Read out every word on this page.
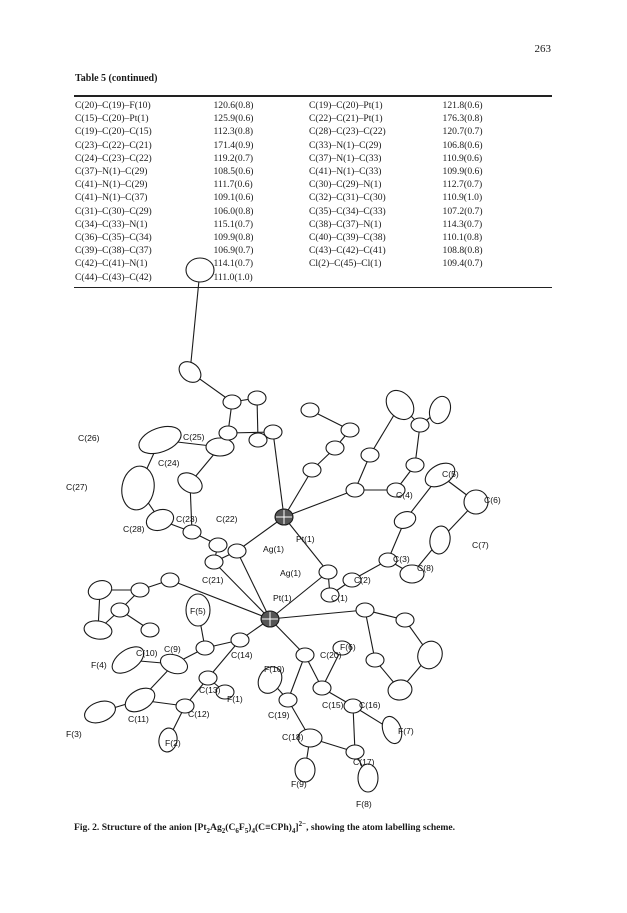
263
Table 5 (continued)
C(20)–C(19)–F(10)	120.6(0.8)	C(19)–C(20)–Pt(1)	121.8(0.6)
C(15)–C(20)–Pt(1)	125.9(0.6)	C(22)–C(21)–Pt(1)	176.3(0.8)
C(19)–C(20)–C(15)	112.3(0.8)	C(28)–C(23)–C(22)	120.7(0.7)
C(23)–C(22)–C(21)	171.4(0.9)	C(33)–N(1)–C(29)	106.8(0.6)
C(24)–C(23)–C(22)	119.2(0.7)	C(37)–N(1)–C(33)	110.9(0.6)
C(37)–N(1)–C(29)	108.5(0.6)	C(41)–N(1)–C(33)	109.9(0.6)
C(41)–N(1)–C(29)	111.7(0.6)	C(30)–C(29)–N(1)	112.7(0.7)
C(41)–N(1)–C(37)	109.1(0.6)	C(32)–C(31)–C(30)	110.9(1.0)
C(31)–C(30)–C(29)	106.0(0.8)	C(35)–C(34)–C(33)	107.2(0.7)
C(34)–C(33)–N(1)	115.1(0.7)	C(38)–C(37)–N(1)	114.3(0.7)
C(36)–C(35)–C(34)	109.9(0.8)	C(40)–C(39)–C(38)	110.1(0.8)
C(39)–C(38)–C(37)	106.9(0.7)	C(43)–C(42)–C(41)	108.8(0.8)
C(42)–C(41)–N(1)	114.1(0.7)	Cl(2)–C(45)–Cl(1)	109.4(0.7)
C(44)–C(43)–C(42)	111.0(1.0)		
C(26)	C(25)
C(24)
C(27)
C(28)
C(23) C(22)
Pt(1)
Ag(1)
C(21)
C(5)
C(6)
C(4)
C(7)
C(3)
C(8)
Ag(1)
C(2)
Pt(1)	C(1)
F(5)
C(9)
C(14)
F(4)
C(10)	C(20)
F(6)
F(10)
C(13)
F(1)
C(15) C(16)
C(12)	C(19)
C(11)
F(3)
F(2)
C(18)
F(7)
C(17)
F(9)
F(8)
Fig. 2. Structure of the anion $[Pt_2Ag_2(C_6F_5)_4(C\equiv CPh)_4]^{2-}$, showing the atom labelling scheme.
